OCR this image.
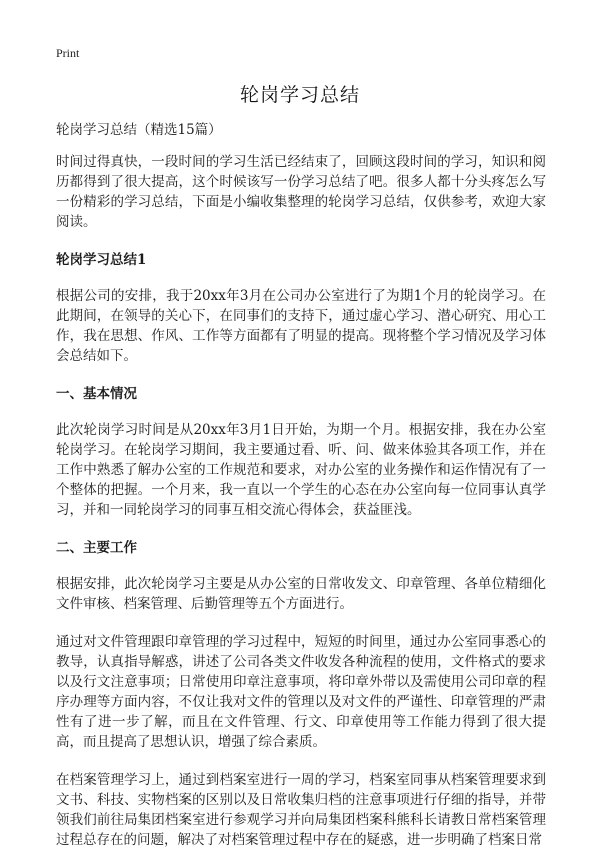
Print
轮岗学习总结
轮岗学习总结（精选15篇）

时间过得真快，一段时间的学习生活已经结束了，回顾这段时间的学习，知识和阅历都得到了很大提高，这个时候该写一份学习总结了吧。很多人都十分头疼怎么写一份精彩的学习总结，下面是小编收集整理的轮岗学习总结，仅供参考，欢迎大家阅读。

轮岗学习总结1

根据公司的安排，我于20xx年3月在公司办公室进行了为期1个月的轮岗学习。在此期间，在领导的关心下，在同事们的支持下，通过虚心学习、潜心研究、用心工作，我在思想、作风、工作等方面都有了明显的提高。现将整个学习情况及学习体会总结如下。

一、基本情况

此次轮岗学习时间是从20xx年3月1日开始，为期一个月。根据安排，我在办公室轮岗学习。在轮岗学习期间，我主要通过看、听、问、做来体验其各项工作，并在工作中熟悉了解办公室的工作规范和要求，对办公室的业务操作和运作情况有了一个整体的把握。一个月来，我一直以一个学生的心态在办公室向每一位同事认真学习，并和一同轮岗学习的同事互相交流心得体会，获益匪浅。

二、主要工作

根据安排，此次轮岗学习主要是从办公室的日常收发文、印章管理、各单位精细化文件审核、档案管理、后勤管理等五个方面进行。

通过对文件管理跟印章管理的学习过程中，短短的时间里，通过办公室同事悉心的教导，认真指导解惑，讲述了公司各类文件收发各种流程的使用，文件格式的要求以及行文注意事项；日常使用印章注意事项，将印章外带以及需使用公司印章的程序办理等方面内容，不仅让我对文件的管理以及对文件的严谨性、印章管理的严肃性有了进一步了解，而且在文件管理、行文、印章使用等工作能力得到了很大提高，而且提高了思想认识，增强了综合素质。

在档案管理学习上，通过到档案室进行一周的学习，档案室同事从档案管理要求到文书、科技、实物档案的区别以及日常收集归档的注意事项进行仔细的指导，并带领我们前往局集团档案室进行参观学习并向局集团档案科熊科长请教日常档案管理过程总存在的问题，解决了对档案管理过程中存在的疑惑，进一步明确了档案日常
